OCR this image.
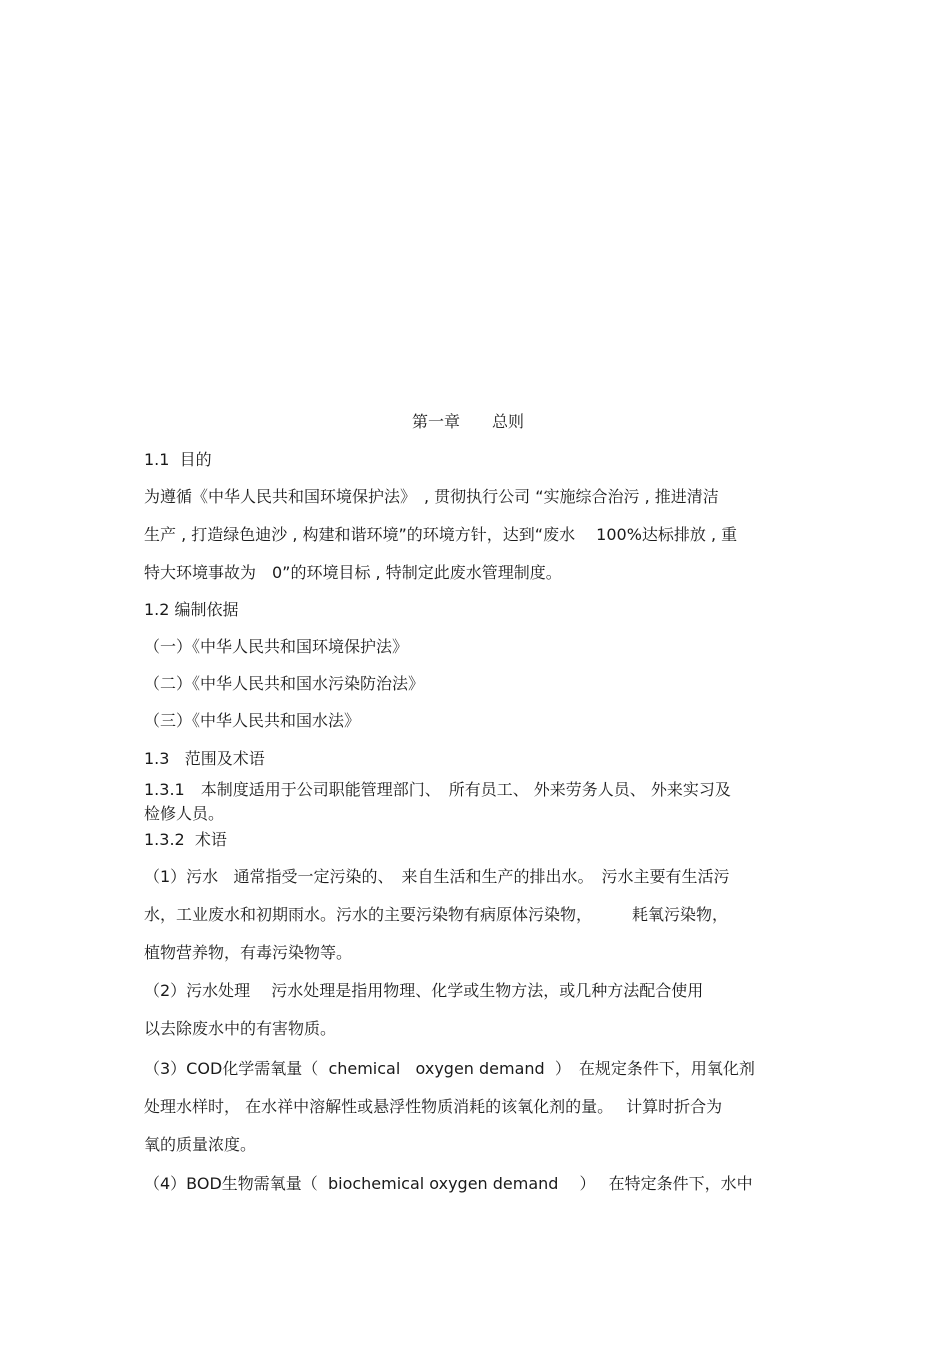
第一章　　总则

1.1  目的

为遵循《中华人民共和国环境保护法》　, 贯彻执行公司 “实施综合治污 , 推进清洁

生产 , 打造绿色迪沙 , 构建和谐环境”的环境方针，达到“废水　 100%达标排放 , 重

特大环境事故为　0”的环境目标 , 特制定此废水管理制度。

1.2 编制依据

（一）《中华人民共和国环境保护法》

（二）《中华人民共和国水污染防治法》

（三）《中华人民共和国水法》

1.3   范围及术语

1.3.1　本制度适用于公司职能管理部门、　所有员工、 外来劳务人员、 外来实习及

检修人员。

1.3.2  术语

（1）污水   通常指受一定污染的、　来自生活和生产的排出水。　污水主要有生活污

水，工业废水和初期雨水。污水的主要污染物有病原体污染物，　　　耗氧污染物，

植物营养物，有毒污染物等。

（2）污水处理　 污水处理是指用物理、化学或生物方法，或几种方法配合使用

以去除废水中的有害物质。

（3）COD化学需氧量（  chemical   oxygen demand  ）　在规定条件下，用氧化剂

处理水样时， 在水祥中溶解性或悬浮性物质消耗的该氧化剂的量。　 计算时折合为

氧的质量浓度。

（4）BOD生物需氧量（  biochemical oxygen demand　 ）　 在特定条件下，水中
